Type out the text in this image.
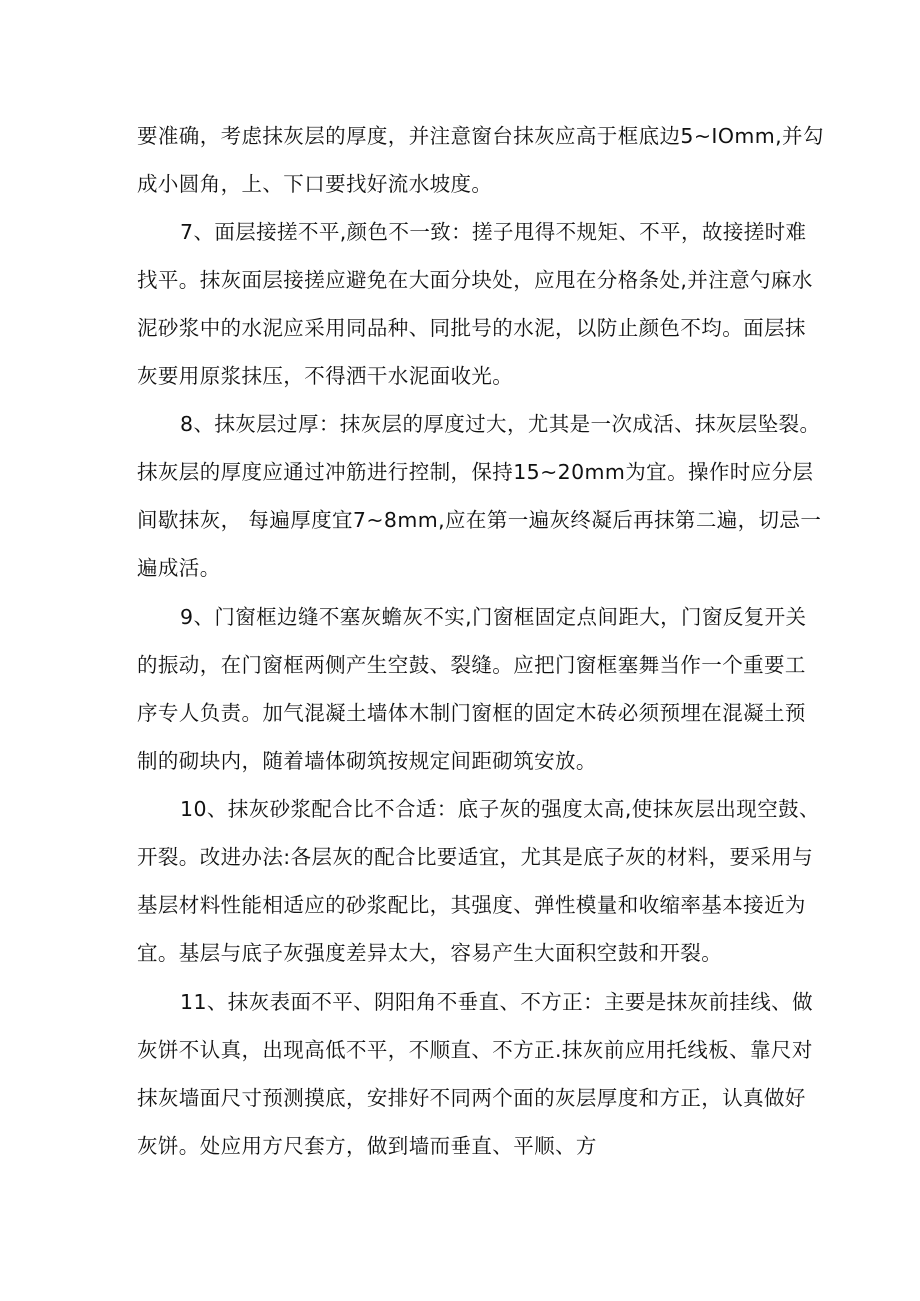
要准确，考虑抹灰层的厚度，并注意窗台抹灰应高于框底边5~IOmm,并勾
成小圆角，上、下口要找好流水坡度。
7、面层接搓不平,颜色不一致：搓子甩得不规矩、不平，故接搓时难
找平。抹灰面层接搓应避免在大面分块处，应甩在分格条处,并注意勺麻水
泥砂浆中的水泥应采用同品种、同批号的水泥，以防止颜色不均。面层抹
灰要用原浆抹压，不得洒干水泥面收光。
8、抹灰层过厚：抹灰层的厚度过大，尤其是一次成活、抹灰层坠裂。
抹灰层的厚度应通过冲筋进行控制，保持15~20mm为宜。操作时应分层
间歇抹灰， 每遍厚度宜7~8mm,应在第一遍灰终凝后再抹第二遍，切忌一
遍成活。
9、门窗框边缝不塞灰蟾灰不实,门窗框固定点间距大，门窗反复开关
的振动，在门窗框两侧产生空鼓、裂缝。应把门窗框塞舞当作一个重要工
序专人负责。加气混凝土墙体木制门窗框的固定木砖必须预埋在混凝土预
制的砌块内，随着墙体砌筑按规定间距砌筑安放。
10、抹灰砂浆配合比不合适：底子灰的强度太高,使抹灰层出现空鼓、
开裂。改进办法:各层灰的配合比要适宜，尤其是底子灰的材料，要采用与
基层材料性能相适应的砂浆配比，其强度、弹性模量和收缩率基本接近为
宜。基层与底子灰强度差异太大，容易产生大面积空鼓和开裂。
11、抹灰表面不平、阴阳角不垂直、不方正：主要是抹灰前挂线、做
灰饼不认真，出现高低不平，不顺直、不方正.抹灰前应用托线板、靠尺对
抹灰墙面尺寸预测摸底，安排好不同两个面的灰层厚度和方正，认真做好
灰饼。处应用方尺套方，做到墙而垂直、平顺、方
